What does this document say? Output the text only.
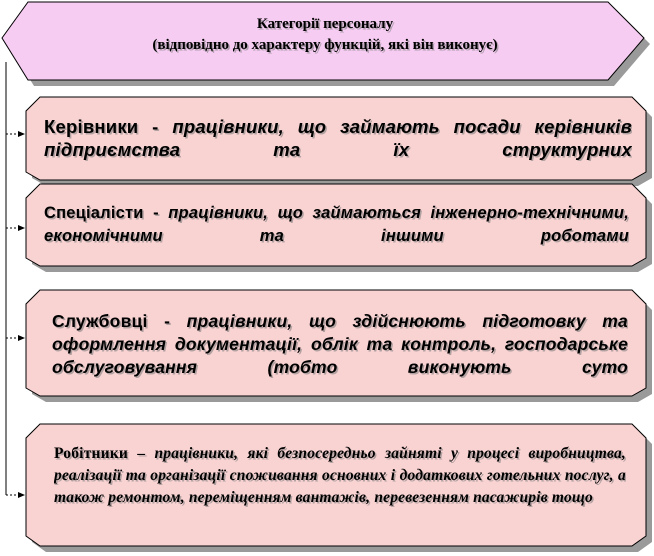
Категорії персоналу
(відповідно до характеру функцій, які він виконує)
Керівники - працівники, що займають посади керівників підприємства та їх структурних
Спеціалісти - працівники, що займаються інженерно-технічними, економічними та іншими роботами
Службовці - працівники, що здійснюють підготовку та оформлення документації, облік та контроль, господарське обслуговування (тобто виконують суто
Робітники – працівники, які безпосередньо зайняті у процесі виробництва, реалізації та організації споживання основних і додаткових готельних послуг, а також ремонтом, переміщенням вантажів, перевезенням пасажирів тощо
